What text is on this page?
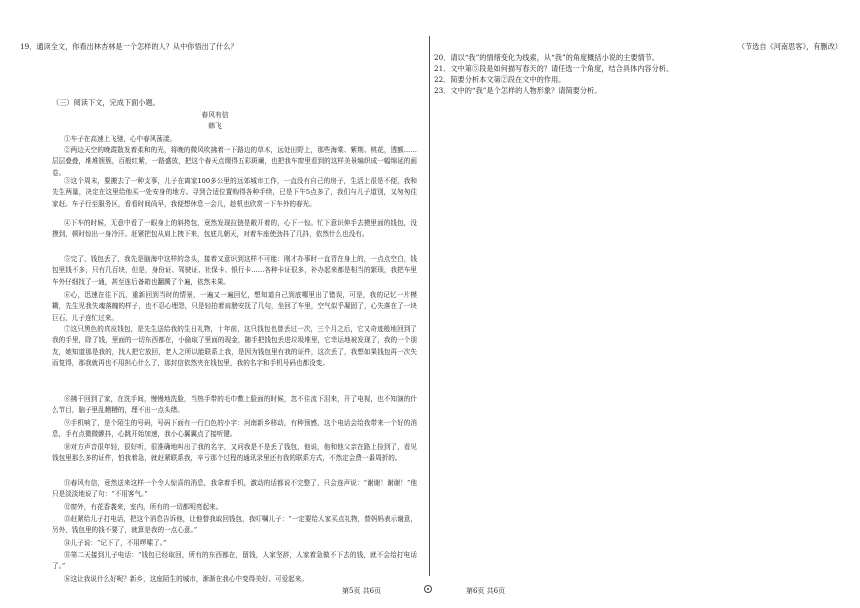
19．通读全文，你看出林杏林是一个怎样的人？从中你悟出了什么？
（三）阅读下文，完成下面小题。
春风有信
韩飞
①车子在高速上飞驰，心中春风荡漾。
②两边天空的晚霞散发着柔和的光，将晚的微风吹拂着一下路边的草木，远处田野上，那些海棠、紫荆、桃花，透额……层层叠叠，堆堆簇簇，百般红紫，一路盛放，把这个春天点缀得五彩斑斓，也把我车窗里看到的这样美景编织成一幅绵延的画卷。
③这个周末，要搬去了一种支事，儿子在离家100多公里的远郊城市工作，一直没有自己的房子，生活上很是不便，我和先生两量，决定在这里给他买一处安身的地方。寻到合适位置购得各种手续，已是下午5点多了，我们与儿子道别，又匆匆往家赶。车子行至服务区，看看时间尚早，我便想休息一会儿，趁机也欣赏一下车外的春光。
④下车的时候，无意中看了一眼身上的斜挎包，竟然发现拉链是敞开着的，心下一惊。忙下意识伸手去摸里面的钱包，没摸到，顿时惊出一身冷汗。赶紧把包从肩上拽下来，包底儿朝天，对着车座使劲抖了几抖，依然什么也没有。
⑤完了，钱包丢了，我先是脑海中这样的念头，接着又意识到这样不可能：刚才办事时一直背在身上的，一点点空白，钱包里钱不多，只有几百块，但是，身份证、驾驶证、社保卡、银行卡……各种卡证很多，补办起来都是相当的繁琐，我把车里车外仔细找了一通，甚至连后备箱也翻腾了个遍，依然未果。
⑥心，迅速在往下沉，重新回到当时的情景，一遍又一遍回忆，想知道自己到底哪里出了错误，可是，我的记忆一片模糊，先生见我失魂落魄的样子，也不忍心埋怨，只是轻拍着肩膀安抚了几句，坐回了车里，空气似乎凝固了，心失落在了一块巨石，儿子连忙过来。
⑦这只黑色的真皮钱包，是先生送给我的生日礼物，十年前，这只钱包也曾丢过一次，三个月之后，它又奇迹般地回到了我的手里，除了钱，里面的一切东西都在，小偷取了里面的现金，随手把钱包丢进垃圾堆里，它幸运地被发现了，我的一个朋友，她知道那是我的，找人把它放回，老人之所以能联系上我，是因为钱包里有我的证件，这次丢了，我想如果钱包再一次失而复得，那我就再也不用担心什么了，那封信依然夹在钱包里，我的名字和手机号码也都没变。
⑧拂干回到了家，在洗手间，慢慢地洗脸，当热手带的毛巾敷上脸面的时候，忽不住流下泪来，开了电视，也不知演的什么节目，脑子里乱糟糟的，理不出一点头绪。
⑨手机响了，是个陌生的号码，号码下面有一行白色的小字：河南新乡移动，有种预感，这个电话会给我带来一个好的消息，手有点微微颤抖，心跳开始加速，我小心翼翼点了接听键。
⑩对方声音很年轻，很好听，很准确地叫出了我的名字，又问我是不是丢了钱包，他说，他和他父亲在路上捡到了，看见钱包里那么多的证件，怕我着急，就赶紧联系我，辛亏那个过程的通讯录里还有我的联系方式，不然定会费一番周折的。
⑪春风有信，竟然送来这样一个令人惊喜的消息，我拿着手机，激动的话都说不完整了，只会连声说：“谢谢！谢谢！”他只是淡淡地说了句：“不用客气。”
⑫窗外，有花香袭来，室内，所有的一切都明亮起来。
⑬赶紧给儿子打电话，把这个消息告诉他，让他替我取回钱包，我叮嘱儿子：“一定要给人家买点礼物，替妈妈表示谢意，另外，钱包里的钱不要了，就算是我的一点心意。”
⑭儿子说：“记下了，不用啰嗦了。”
⑮第二天接到儿子电话：“钱包已经取回，所有的东西都在，留钱，人家坚辞，人家着急做不下去的钱，就不会给打电话了。”
⑯这让我说什么好呢？新乡，这座陌生的城市，渐渐在我心中变得美好、可爱起来。
第5页 共6页
（节选自《河南思客》，有删改）
20．请以“我”的情绪变化为线索，从“我”的角度概括小说的主要情节。
21．文中第⑤段是如何描写春天的？请任选一个角度，结合具体内容分析。
22．简要分析本文第②段在文中的作用。
23．文中的“我”是个怎样的人物形象？请简要分析。
第6页 共6页
